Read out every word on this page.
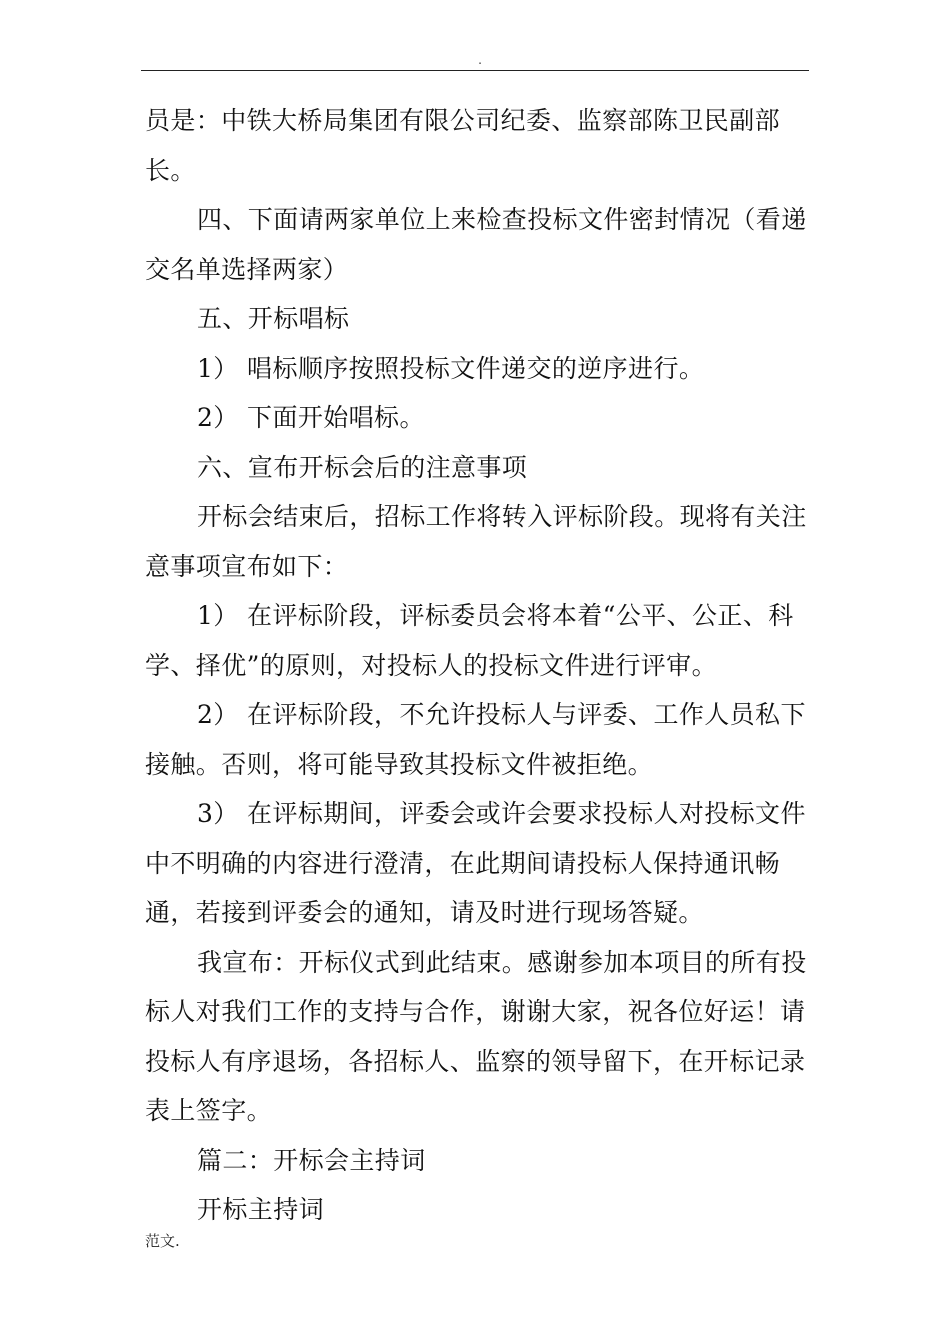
.

员是：中铁大桥局集团有限公司纪委、监察部陈卫民副部长。

四、下面请两家单位上来检查投标文件密封情况（看递交名单选择两家）

五、开标唱标

1） 唱标顺序按照投标文件递交的逆序进行。

2） 下面开始唱标。

六、宣布开标会后的注意事项

开标会结束后，招标工作将转入评标阶段。现将有关注意事项宣布如下：

1） 在评标阶段，评标委员会将本着“公平、公正、科学、择优”的原则，对投标人的投标文件进行评审。

2） 在评标阶段，不允许投标人与评委、工作人员私下接触。否则，将可能导致其投标文件被拒绝。

3） 在评标期间，评委会或许会要求投标人对投标文件
中不明确的内容进行澄清，在此期间请投标人保持通讯畅通，若接到评委会的通知，请及时进行现场答疑。

我宣布：开标仪式到此结束。感谢参加本项目的所有投标人对我们工作的支持与合作，谢谢大家，祝各位好运！请投标人有序退场，各招标人、监察的领导留下，在开标记录表上签字。

篇二：开标会主持词

开标主持词

范文.
